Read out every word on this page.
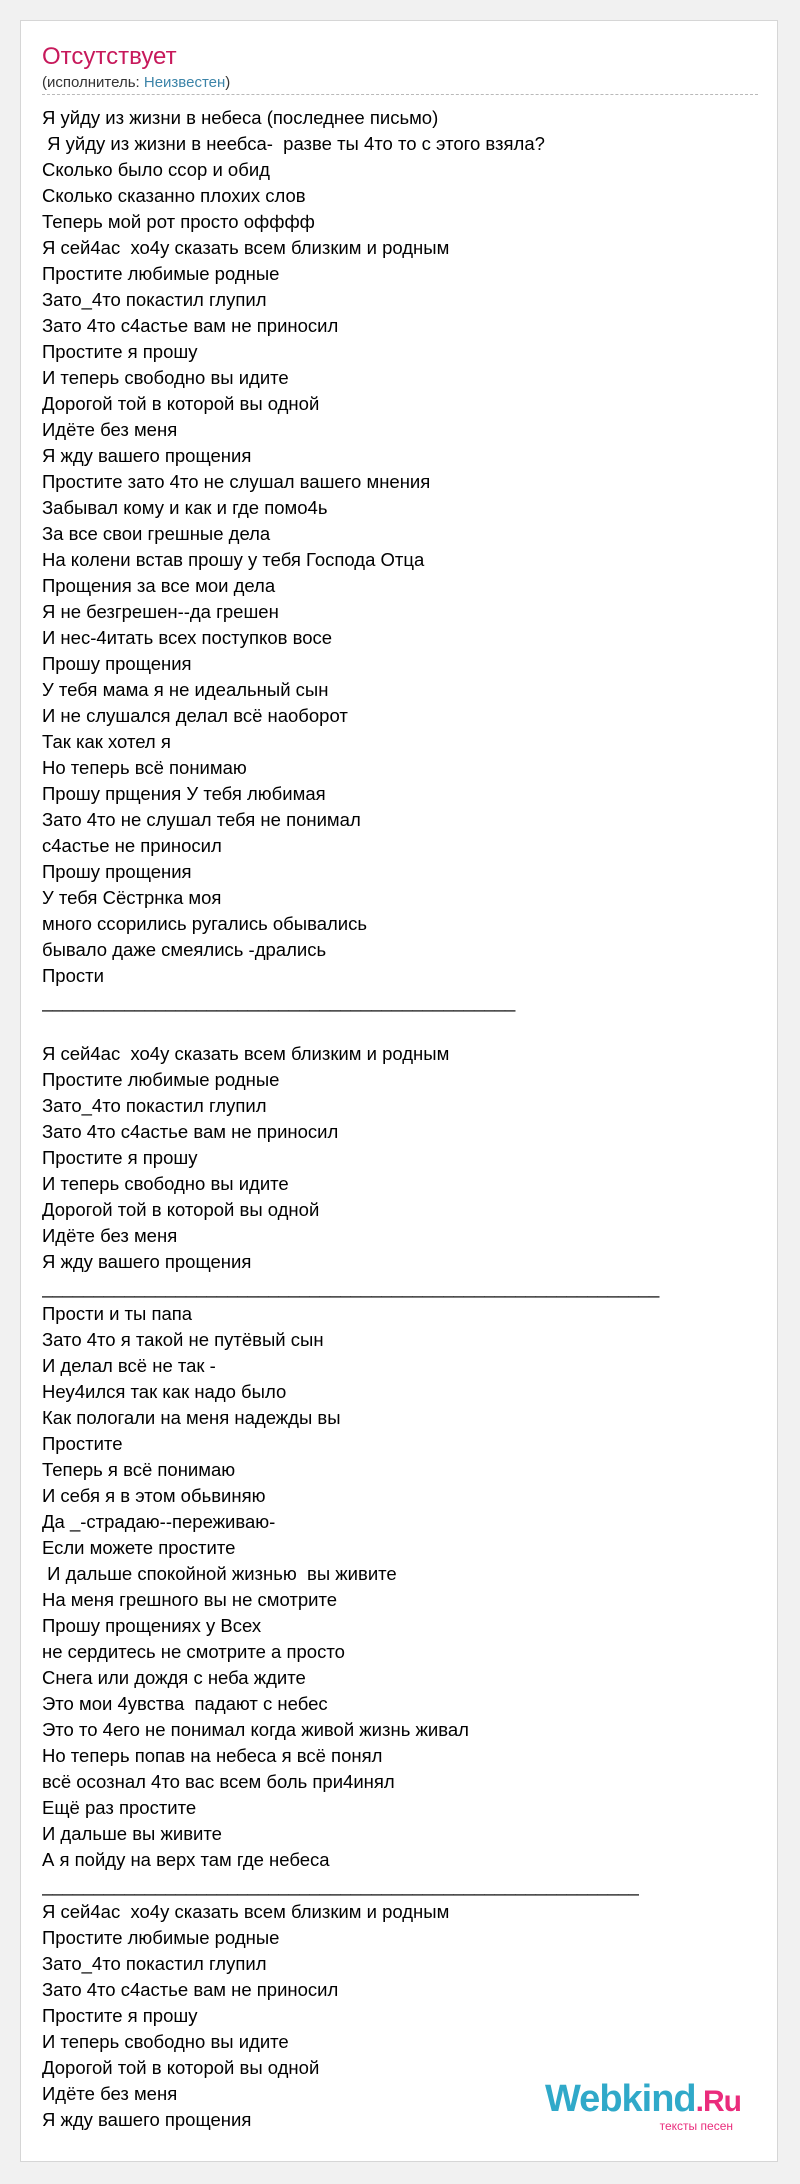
Отсутствует
(исполнитель: Неизвестен)
Я уйду из жизни в небеса (последнее письмо)
Я уйду из жизни в неебса-  разве ты 4то то с этого взяла?
Сколько было ссор и обид
Сколько сказанно плохих слов
Теперь мой рот просто офффф
Я сей4ас  хо4у сказать всем близким и родным
Простите любимые родные
Зато_4то покастил глупил
Зато 4то с4астье вам не приносил
Простите я прошу
И теперь свободно вы идите
Дорогой той в которой вы одной
Идёте без меня
Я жду вашего прощения
Простите зато 4то не слушал вашего мнения
Забывал кому и как и где помо4ь
За все свои грешные дела
На колени встав прошу у тебя Господа Отца
Прощения за все мои дела
Я не безгрешен--да грешен
И нес-4итать всех поступков восе
Прошу прощения
У тебя мама я не идеальный сын
И не слушался делал всё наоборот
Так как хотел я
Но теперь всё понимаю
Прошу прщения У тебя любимая
Зато 4то не слушал тебя не понимал
с4астье не приносил
Прошу прощения
У тебя Сёстрнка моя
много ссорились ругались обывались
бывало даже смеялись -дрались
Прости
______________________________________________
Я сей4ас  хо4у сказать всем близким и родным
Простите любимые родные
Зато_4то покастил глупил
Зато 4то с4астье вам не приносил
Простите я прошу
И теперь свободно вы идите
Дорогой той в которой вы одной
Идёте без меня
Я жду вашего прощения
____________________________________________________________
Прости и ты папа
Зато 4то я такой не путёвый сын
И делал всё не так -
Неу4ился так как надо было
Как пологали на меня надежды вы
Простите
Теперь я всё понимаю
И себя я в этом обьвиняю
Да _-страдаю--переживаю-
Если можете простите
И дальше спокойной жизнью  вы живите
На меня грешного вы не смотрите
Прошу прощениях у Всех
не сердитесь не смотрите а просто
Снега или дождя с неба ждите
Это мои 4увства  падают с небес
Это то 4его не понимал когда живой жизнь живал
Но теперь попав на небеса я всё понял
всё осознал 4то вас всем боль при4инял
Ещё раз простите
И дальше вы живите
А я пойду на верх там где небеса
__________________________________________________________
Я сей4ас  хо4у сказать всем близким и родным
Простите любимые родные
Зато_4то покастил глупил
Зато 4то с4астье вам не приносил
Простите я прошу
И теперь свободно вы идите
Дорогой той в которой вы одной
Идёте без меня
Я жду вашего прощения	Webkind.Ru
тексты песен
